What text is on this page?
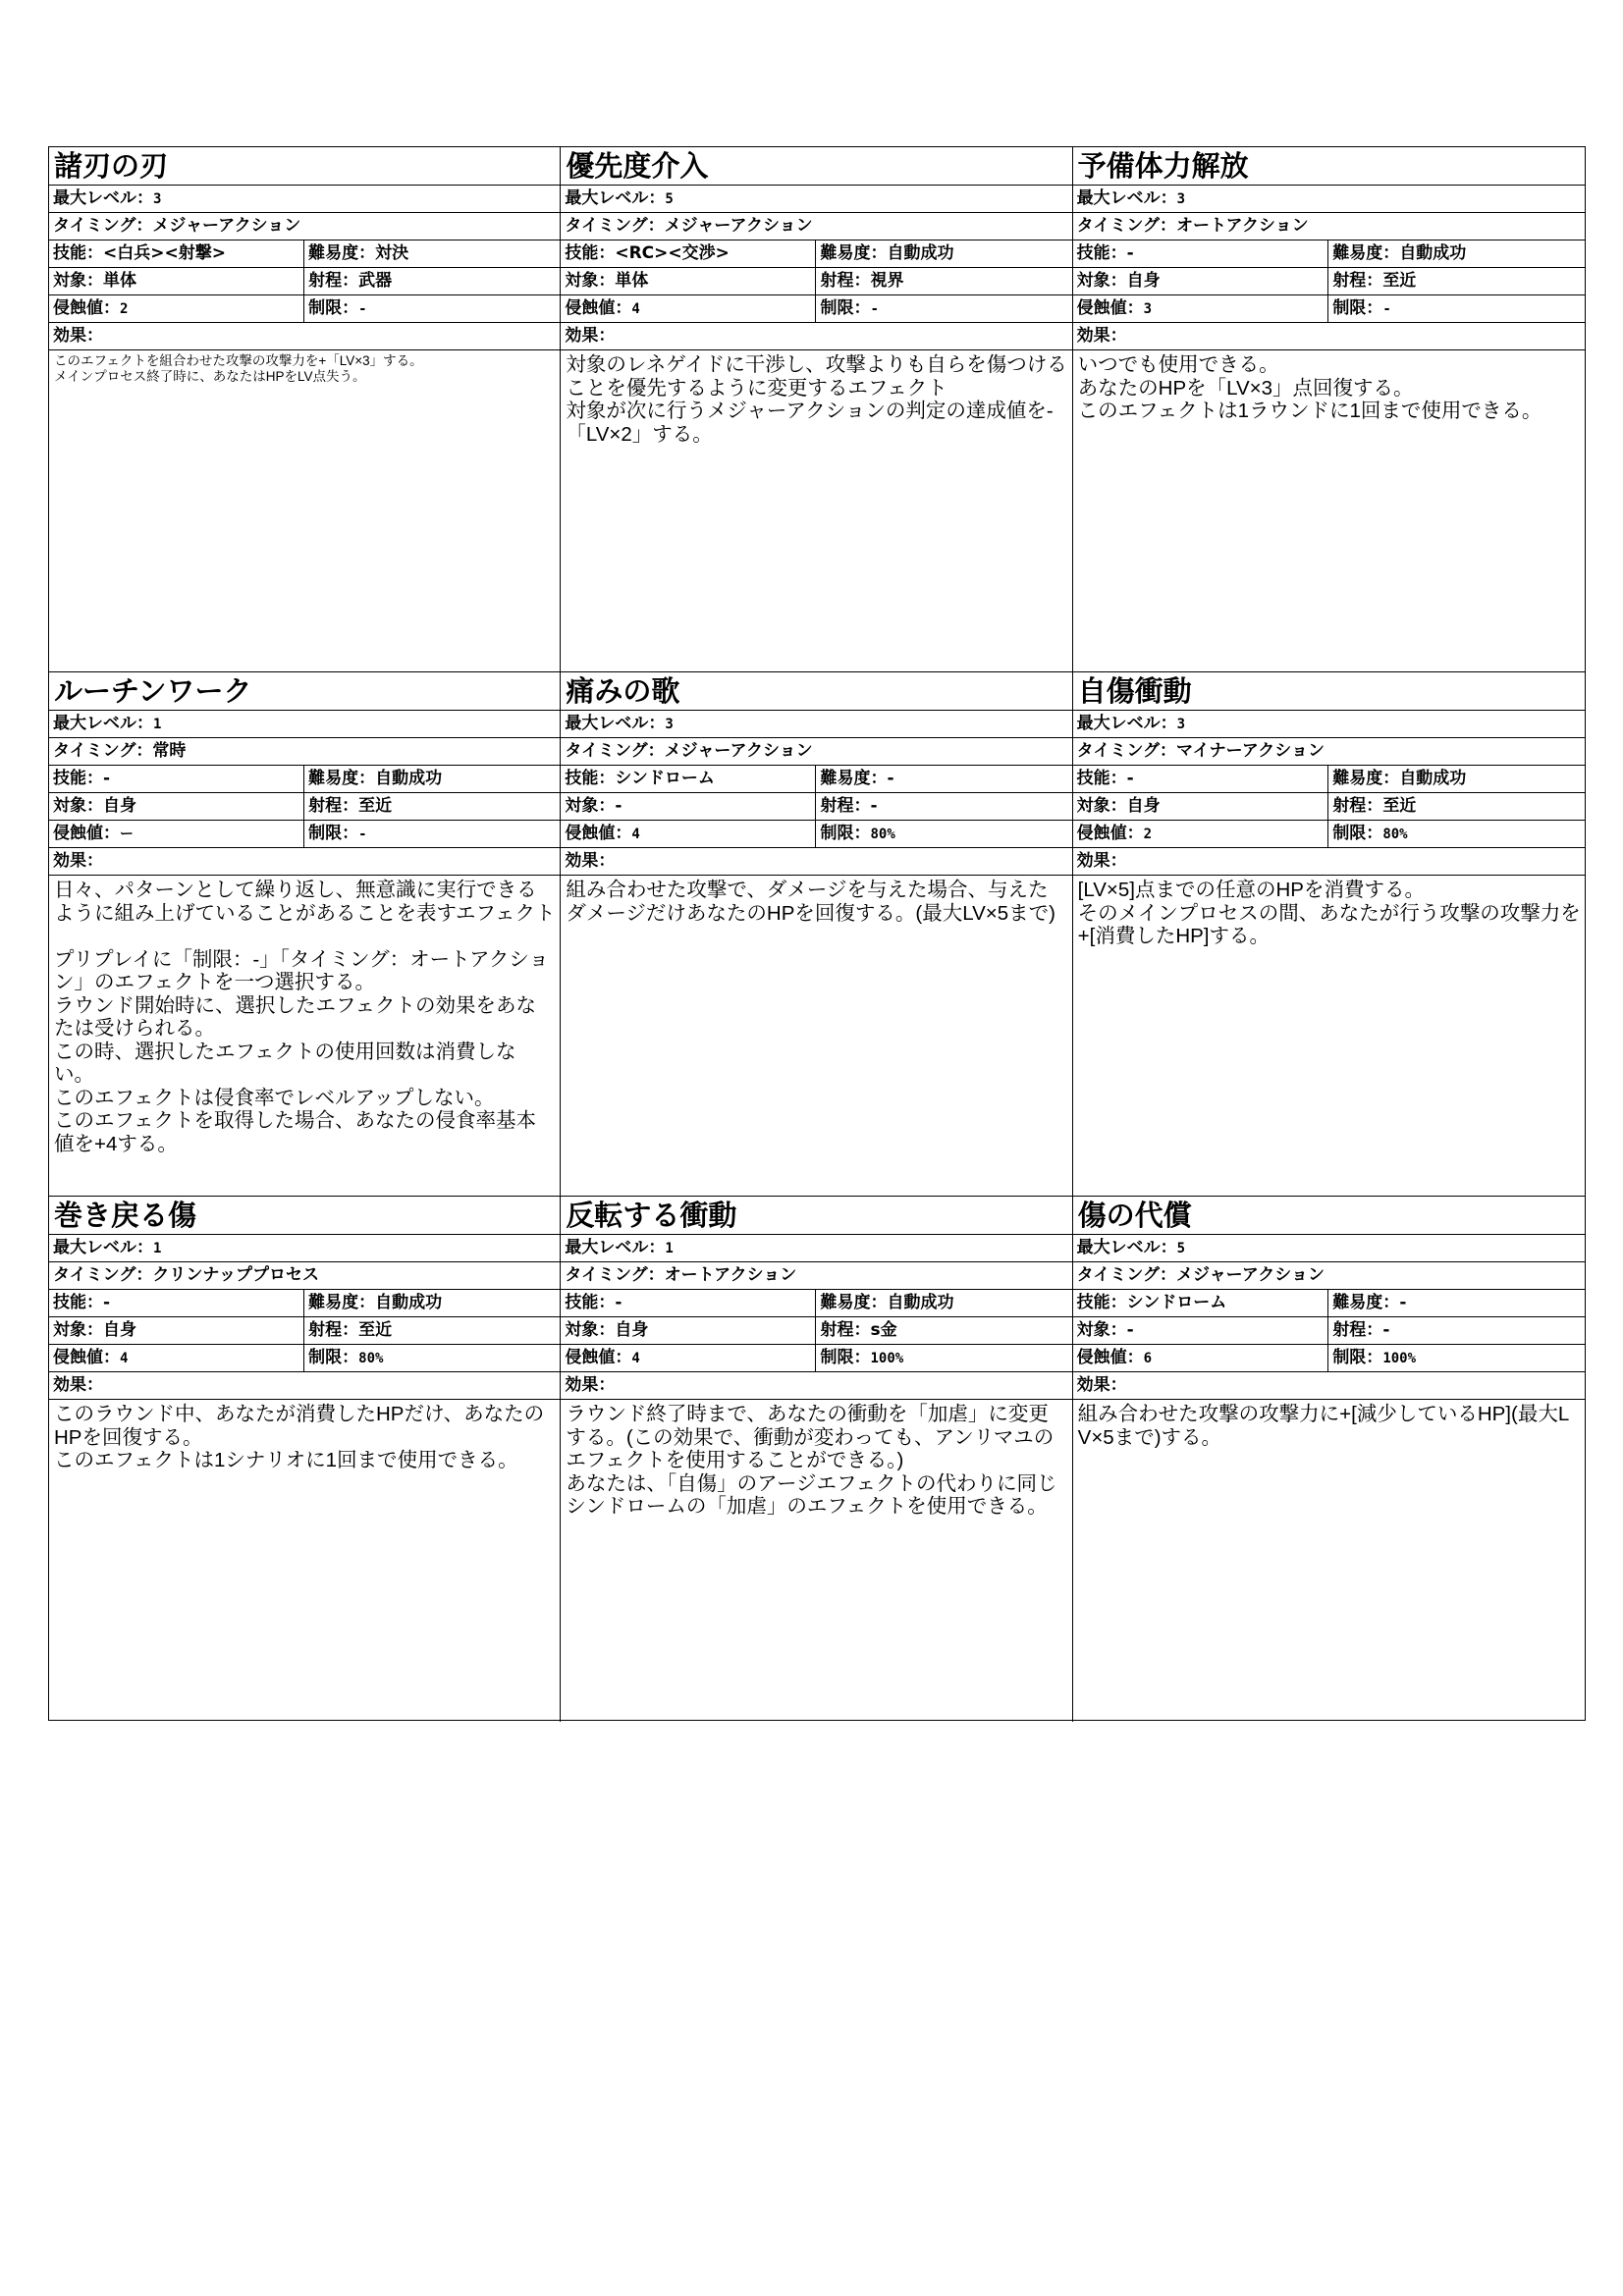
諸刃の刃
最大レベル：3
タイミング：メジャーアクション
技能：<白兵><射撃>	難易度：対決
対象：単体	射程：武器
侵蝕値：2	制限：-
効果：
このエフェクトを組合わせた攻撃の攻撃力を+「LV×3」する。
メインプロセス終了時に、あなたはHPをLV点失う。
優先度介入
最大レベル：5
タイミング：メジャーアクション
技能：<RC><交渉>	難易度：自動成功
対象：単体	射程：視界
侵蝕値：4	制限：-
効果：
対象のレネゲイドに干渉し、攻撃よりも自らを傷つけることを優先するように変更するエフェクト
対象が次に行うメジャーアクションの判定の達成値を-「LV×2」する。
予備体力解放
最大レベル：3
タイミング：オートアクション
技能：-	難易度：自動成功
対象：自身	射程：至近
侵蝕値：3	制限：-
効果：
いつでも使用できる。
あなたのHPを「LV×3」点回復する。
このエフェクトは1ラウンドに1回まで使用できる。
ルーチンワーク
最大レベル：1
タイミング：常時
技能：-	難易度：自動成功
対象：自身	射程：至近
侵蝕値：ー	制限：-
効果：
日々、パターンとして繰り返し、無意識に実行できるように組み上げていることがあることを表すエフェクト

プリプレイに「制限：-」「タイミング：オートアクション」のエフェクトを一つ選択する。
ラウンド開始時に、選択したエフェクトの効果をあなたは受けられる。
この時、選択したエフェクトの使用回数は消費しない。
このエフェクトは侵食率でレベルアップしない。
このエフェクトを取得した場合、あなたの侵食率基本値を+4する。
痛みの歌
最大レベル：3
タイミング：メジャーアクション
技能：シンドローム	難易度：-
対象：-	射程：-
侵蝕値：4	制限：80%
効果：
組み合わせた攻撃で、ダメージを与えた場合、与えたダメージだけあなたのHPを回復する。(最大LV×5まで)
自傷衝動
最大レベル：3
タイミング：マイナーアクション
技能：-	難易度：自動成功
対象：自身	射程：至近
侵蝕値：2	制限：80%
効果：
[LV×5]点までの任意のHPを消費する。
そのメインプロセスの間、あなたが行う攻撃の攻撃力を+[消費したHP]する。
巻き戻る傷
最大レベル：1
タイミング：クリンナッププロセス
技能：-	難易度：自動成功
対象：自身	射程：至近
侵蝕値：4	制限：80%
効果：
このラウンド中、あなたが消費したHPだけ、あなたのHPを回復する。
このエフェクトは1シナリオに1回まで使用できる。
反転する衝動
最大レベル：1
タイミング：オートアクション
技能：-	難易度：自動成功
対象：自身	射程：s金
侵蝕値：4	制限：100%
効果：
ラウンド終了時まで、あなたの衝動を「加虐」に変更する。(この効果で、衝動が変わっても、アンリマユのエフェクトを使用することができる。)
あなたは、「自傷」のアージエフェクトの代わりに同じシンドロームの「加虐」のエフェクトを使用できる。
傷の代償
最大レベル：5
タイミング：メジャーアクション
技能：シンドローム	難易度：-
対象：-	射程：-
侵蝕値：6	制限：100%
効果：
組み合わせた攻撃の攻撃力に+[減少しているHP](最大LV×5まで)する。
